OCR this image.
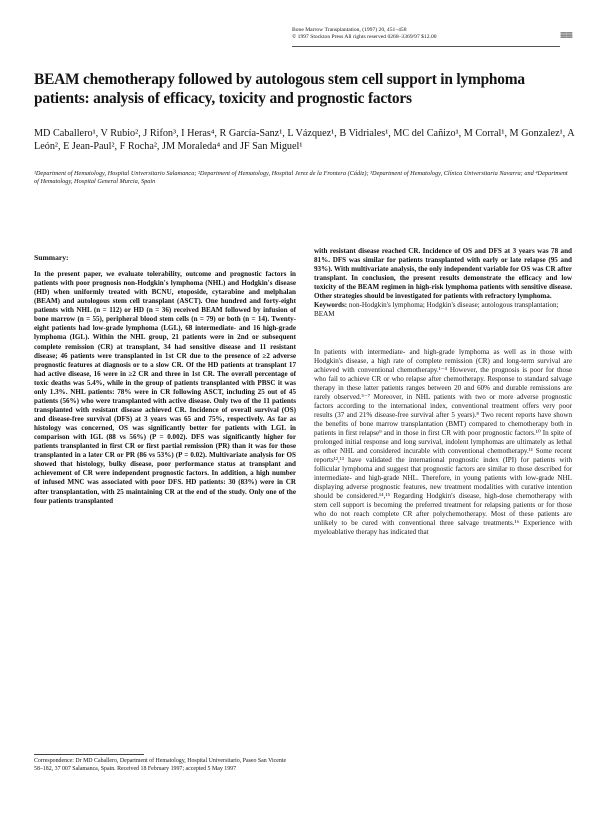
Bone Marrow Transplantation, (1997) 20, 451–458
© 1997 Stockton Press All rights reserved 0268–3369/97 $12.00	≡≡
BEAM chemotherapy followed by autologous stem cell support in lymphoma patients: analysis of efficacy, toxicity and prognostic factors
MD Caballero¹, V Rubio², J Rifon³, I Heras⁴, R García-Sanz¹, L Vázquez¹, B Vidriales¹, MC del Cañizo¹, M Corral¹, M Gonzalez¹, A León², E Jean-Paul², F Rocha², JM Moraleda⁴ and JF San Miguel¹
¹Department of Hematology, Hospital Universitario Salamanca; ²Department of Hematology, Hospital Jerez de la Frontera (Cádiz); ³Department of Hematology, Clínica Universitaria Navarra; and ⁴Department of Hematology, Hospital General Murcia, Spain
Summary:
In the present paper, we evaluate tolerability, outcome and prognostic factors in patients with poor prognosis non-Hodgkin's lymphoma (NHL) and Hodgkin's disease (HD) when uniformly treated with BCNU, etoposide, cytarabine and melphalan (BEAM) and autologous stem cell transplant (ASCT). One hundred and forty-eight patients with NHL (n = 112) or HD (n = 36) received BEAM followed by infusion of bone marrow (n = 55), peripheral blood stem cells (n = 79) or both (n = 14). Twenty-eight patients had low-grade lymphoma (LGL), 68 intermediate- and 16 high-grade lymphoma (IGL). Within the NHL group, 21 patients were in 2nd or subsequent complete remission (CR) at transplant, 34 had sensitive disease and 11 resistant disease; 46 patients were transplanted in 1st CR due to the presence of ≥2 adverse prognostic features at diagnosis or to a slow CR. Of the HD patients at transplant 17 had active disease, 16 were in ≥2 CR and three in 1st CR. The overall percentage of toxic deaths was 5.4%, while in the group of patients transplanted with PBSC it was only 1.3%. NHL patients: 78% were in CR following ASCT, including 25 out of 45 patients (56%) who were transplanted with active disease. Only two of the 11 patients transplanted with resistant disease achieved CR. Incidence of overall survival (OS) and disease-free survival (DFS) at 3 years was 65 and 75%, respectively. As far as histology was concerned, OS was significantly better for patients with LGL in comparison with IGL (88 vs 56%) (P = 0.002). DFS was significantly higher for patients transplanted in first CR or first partial remission (PR) than it was for those transplanted in a later CR or PR (86 vs 53%) (P = 0.02). Multivariate analysis for OS showed that histology, bulky disease, poor performance status at transplant and achievement of CR were independent prognostic factors. In addition, a high number of infused MNC was associated with poor DFS. HD patients: 30 (83%) were in CR after transplantation, with 25 maintaining CR at the end of the study. Only one of the four patients transplanted
with resistant disease reached CR. Incidence of OS and DFS at 3 years was 78 and 81%. DFS was similar for patients transplanted with early or late relapse (95 and 93%). With multivariate analysis, the only independent variable for OS was CR after transplant. In conclusion, the present results demonstrate the efficacy and low toxicity of the BEAM regimen in high-risk lymphoma patients with sensitive disease. Other strategies should be investigated for patients with refractory lymphoma.
Keywords: non-Hodgkin's lymphoma; Hodgkin's disease; autologous transplantation; BEAM
In patients with intermediate- and high-grade lymphoma as well as in those with Hodgkin's disease, a high rate of complete remission (CR) and long-term survival are achieved with conventional chemotherapy.¹⁻⁴ However, the prognosis is poor for those who fail to achieve CR or who relapse after chemotherapy. Response to standard salvage therapy in these latter patients ranges between 20 and 60% and durable remissions are rarely observed.⁵⁻⁷ Moreover, in NHL patients with two or more adverse prognostic factors according to the international index, conventional treatment offers very poor results (37 and 21% disease-free survival after 5 years).⁸ Two recent reports have shown the benefits of bone marrow transplantation (BMT) compared to chemotherapy both in patients in first relapse⁹ and in those in first CR with poor prognostic factors.¹⁰ In spite of prolonged initial response and long survival, indolent lymphomas are ultimately as lethal as other NHL and considered incurable with conventional chemotherapy.¹¹ Some recent reports¹²,¹³ have validated the international prognostic index (IPI) for patients with follicular lymphoma and suggest that prognostic factors are similar to those described for intermediate- and high-grade NHL. Therefore, in young patients with low-grade NHL displaying adverse prognostic features, new treatment modalities with curative intention should be considered.¹⁴,¹⁵ Regarding Hodgkin's disease, high-dose chemotherapy with stem cell support is becoming the preferred treatment for relapsing patients or for those who do not reach complete CR after polychemotherapy. Most of these patients are unlikely to be cured with conventional three salvage treatments.¹⁶ Experience with myeloablative therapy has indicated that
Correspondence: Dr MD Caballero, Department of Hematology, Hospital Universitario, Paseo San Vicente 58–182, 37 007 Salamanca, Spain. Received 18 February 1997; accepted 5 May 1997
